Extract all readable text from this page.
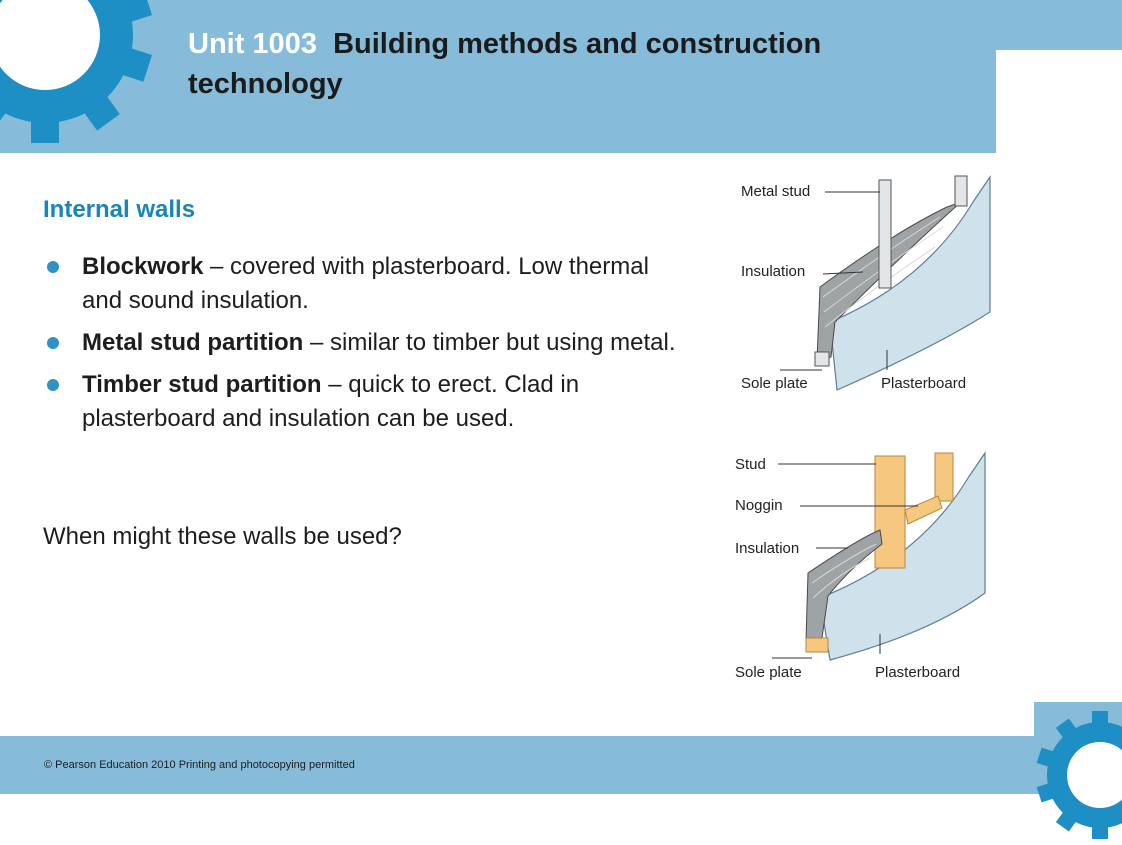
Unit 1003 Building methods and construction technology
Internal walls
Blockwork – covered with plasterboard. Low thermal and sound insulation.
Metal stud partition – similar to timber but using metal.
Timber stud partition – quick to erect. Clad in plasterboard and insulation can be used.

When might these walls be used?

Metal stud
Insulation
Sole plate	Plasterboard
Stud
Noggin
Insulation
Sole plate	Plasterboard
© Pearson Education 2010 Printing and photocopying permitted
